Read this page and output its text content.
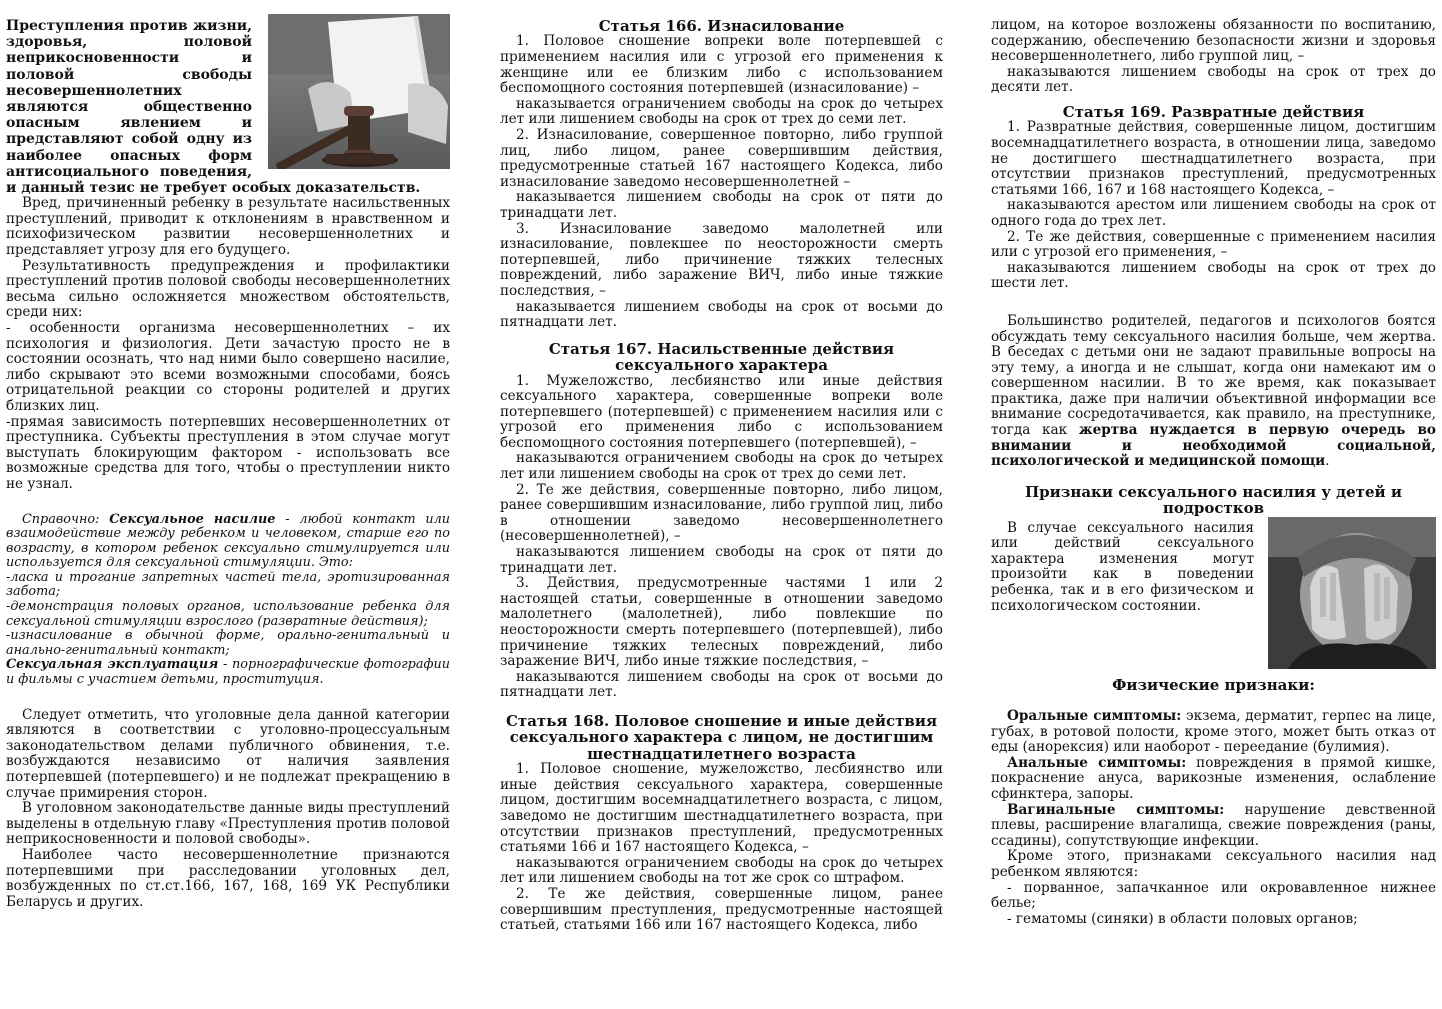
Преступления против жизни, здоровья, половой неприкосновенности и половой свободы несовершеннолетних являются общественно опасным явлением и представляют собой одну из наиболее опасных форм антисоциального поведения, и данный тезис не требует особых доказательств.

Вред, причиненный ребенку в результате насильственных преступлений, приводит к отклонениям в нравственном и психофизическом развитии несовершеннолетних и представляет угрозу для его будущего.

Результативность предупреждения и профилактики преступлений против половой свободы несовершеннолетних весьма сильно осложняется множеством обстоятельств, среди них:

- особенности организма несовершеннолетних – их психология и физиология. Дети зачастую просто не в состоянии осознать, что над ними было совершено насилие, либо скрывают это всеми возможными способами, боясь отрицательной реакции со стороны родителей и других близких лиц.

-прямая зависимость потерпевших несовершеннолетних от преступника. Субъекты преступления в этом случае могут выступать блокирующим фактором - использовать все возможные средства для того, чтобы о преступлении никто не узнал.

Справочно: Сексуальное насилие - любой контакт или взаимодействие между ребенком и человеком, старше его по возрасту, в котором ребенок сексуально стимулируется или используется для сексуальной стимуляции. Это:

-ласка и трогание запретных частей тела, эротизированная забота;

-демонстрация половых органов, использование ребенка для сексуальной стимуляции взрослого (развратные действия);

-изнасилование в обычной форме, орально-генитальный и анально-генитальный контакт;

Сексуальная эксплуатация - порнографические фотографии и фильмы с участием детьми, проституция.

Следует отметить, что уголовные дела данной категории являются в соответствии с уголовно-процессуальным законодательством делами публичного обвинения, т.е. возбуждаются независимо от наличия заявления потерпевшей (потерпевшего) и не подлежат прекращению в случае примирения сторон.

В уголовном законодательстве данные виды преступлений выделены в отдельную главу «Преступления против половой неприкосновенности и половой свободы».

Наиболее часто несовершеннолетние признаются потерпевшими при расследовании уголовных дел, возбужденных по ст.ст.166, 167, 168, 169 УК Республики Беларусь и других.

Статья 166. Изнасилование

1. Половое сношение вопреки воле потерпевшей с применением насилия или с угрозой его применения к женщине или ее близким либо с использованием беспомощного состояния потерпевшей (изнасилование) –

наказывается ограничением свободы на срок до четырех лет или лишением свободы на срок от трех до семи лет.

2. Изнасилование, совершенное повторно, либо группой лиц, либо лицом, ранее совершившим действия, предусмотренные статьей 167 настоящего Кодекса, либо изнасилование заведомо несовершеннолетней –

наказывается лишением свободы на срок от пяти до тринадцати лет.

3. Изнасилование заведомо малолетней или изнасилование, повлекшее по неосторожности смерть потерпевшей, либо причинение тяжких телесных повреждений, либо заражение ВИЧ, либо иные тяжкие последствия, –

наказывается лишением свободы на срок от восьми до пятнадцати лет.

Статья 167. Насильственные действия сексуального характера

1. Мужеложство, лесбиянство или иные действия сексуального характера, совершенные вопреки воле потерпевшего (потерпевшей) с применением насилия или с угрозой его применения либо с использованием беспомощного состояния потерпевшего (потерпевшей), –

наказываются ограничением свободы на срок до четырех лет или лишением свободы на срок от трех до семи лет.

2. Те же действия, совершенные повторно, либо лицом, ранее совершившим изнасилование, либо группой лиц, либо в отношении заведомо несовершеннолетнего (несовершеннолетней), –

наказываются лишением свободы на срок от пяти до тринадцати лет.

3. Действия, предусмотренные частями 1 или 2 настоящей статьи, совершенные в отношении заведомо малолетнего (малолетней), либо повлекшие по неосторожности смерть потерпевшего (потерпевшей), либо причинение тяжких телесных повреждений, либо заражение ВИЧ, либо иные тяжкие последствия, –

наказываются лишением свободы на срок от восьми до пятнадцати лет.

Статья 168. Половое сношение и иные действия сексуального характера с лицом, не достигшим шестнадцатилетнего возраста

1. Половое сношение, мужеложство, лесбиянство или иные действия сексуального характера, совершенные лицом, достигшим восемнадцатилетнего возраста, с лицом, заведомо не достигшим шестнадцатилетнего возраста, при отсутствии признаков преступлений, предусмотренных статьями 166 и 167 настоящего Кодекса, –

наказываются ограничением свободы на срок до четырех лет или лишением свободы на тот же срок со штрафом.

2. Те же действия, совершенные лицом, ранее совершившим преступления, предусмотренные настоящей статьей, статьями 166 или 167 настоящего Кодекса, либо

лицом, на которое возложены обязанности по воспитанию, содержанию, обеспечению безопасности жизни и здоровья несовершеннолетнего, либо группой лиц, –

наказываются лишением свободы на срок от трех до десяти лет.

Статья 169. Развратные действия

1. Развратные действия, совершенные лицом, достигшим восемнадцатилетнего возраста, в отношении лица, заведомо не достигшего шестнадцатилетнего возраста, при отсутствии признаков преступлений, предусмотренных статьями 166, 167 и 168 настоящего Кодекса, –

наказываются арестом или лишением свободы на срок от одного года до трех лет.

2. Те же действия, совершенные с применением насилия или с угрозой его применения, –

наказываются лишением свободы на срок от трех до шести лет.

Большинство родителей, педагогов и психологов боятся обсуждать тему сексуального насилия больше, чем жертва. В беседах с детьми они не задают правильные вопросы на эту тему, а иногда и не слышат, когда они намекают им о совершенном насилии. В то же время, как показывает практика, даже при наличии объективной информации все внимание сосредотачивается, как правило, на преступнике, тогда как жертва нуждается в первую очередь во внимании и необходимой социальной, психологической и медицинской помощи.

Признаки сексуального насилия у детей и подростков

В случае сексуального насилия или действий сексуального характера изменения могут произойти как в поведении ребенка, так и в его физическом и психологическом состоянии.

Физические признаки:

Оральные симптомы: экзема, дерматит, герпес на лице, губах, в ротовой полости, кроме этого, может быть отказ от еды (анорексия) или наоборот - переедание (булимия).

Анальные симптомы: повреждения в прямой кишке, покраснение ануса, варикозные изменения, ослабление сфинктера, запоры.

Вагинальные симптомы: нарушение девственной плевы, расширение влагалища, свежие повреждения (раны, ссадины), сопутствующие инфекции.

Кроме этого, признаками сексуального насилия над ребенком являются:

- порванное, запачканное или окровавленное нижнее белье;

- гематомы (синяки) в области половых органов;
